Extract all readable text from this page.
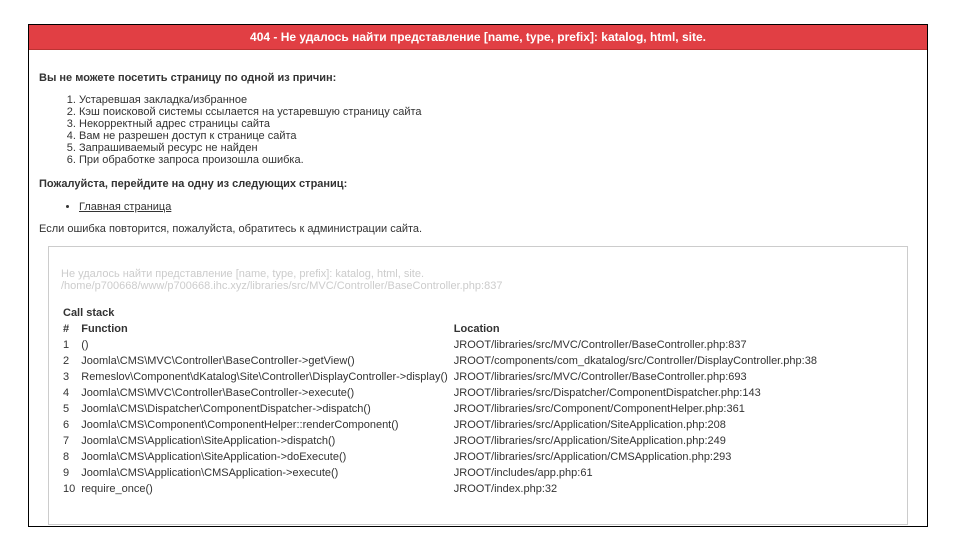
404 - Не удалось найти представление [name, type, prefix]: katalog, html, site.
Вы не можете посетить страницу по одной из причин:
1. Устаревшая закладка/избранное
2. Кэш поисковой системы ссылается на устаревшую страницу сайта
3. Некорректный адрес страницы сайта
4. Вам не разрешен доступ к странице сайта
5. Запрашиваемый ресурс не найден
6. При обработке запроса произошла ошибка.
Пожалуйста, перейдите на одну из следующих страниц:
• Главная страница
Если ошибка повторится, пожалуйста, обратитесь к администрации сайта.
Не удалось найти представление [name, type, prefix]: katalog, html, site.
/home/p700668/www/p700668.ihc.xyz/libraries/src/MVC/Controller/BaseController.php:837
Call stack
#	Function	Location
1	()	JROOT/libraries/src/MVC/Controller/BaseController.php:837
2	Joomla\CMS\MVC\Controller\BaseController->getView()	JROOT/components/com_dkatalog/src/Controller/DisplayController.php:38
3	Remeslov\Component\dKatalog\Site\Controller\DisplayController->display()	JROOT/libraries/src/MVC/Controller/BaseController.php:693
4	Joomla\CMS\MVC\Controller\BaseController->execute()	JROOT/libraries/src/Dispatcher/ComponentDispatcher.php:143
5	Joomla\CMS\Dispatcher\ComponentDispatcher->dispatch()	JROOT/libraries/src/Component/ComponentHelper.php:361
6	Joomla\CMS\Component\ComponentHelper::renderComponent()	JROOT/libraries/src/Application/SiteApplication.php:208
7	Joomla\CMS\Application\SiteApplication->dispatch()	JROOT/libraries/src/Application/SiteApplication.php:249
8	Joomla\CMS\Application\SiteApplication->doExecute()	JROOT/libraries/src/Application/CMSApplication.php:293
9	Joomla\CMS\Application\CMSApplication->execute()	JROOT/includes/app.php:61
10	require_once()	JROOT/index.php:32
